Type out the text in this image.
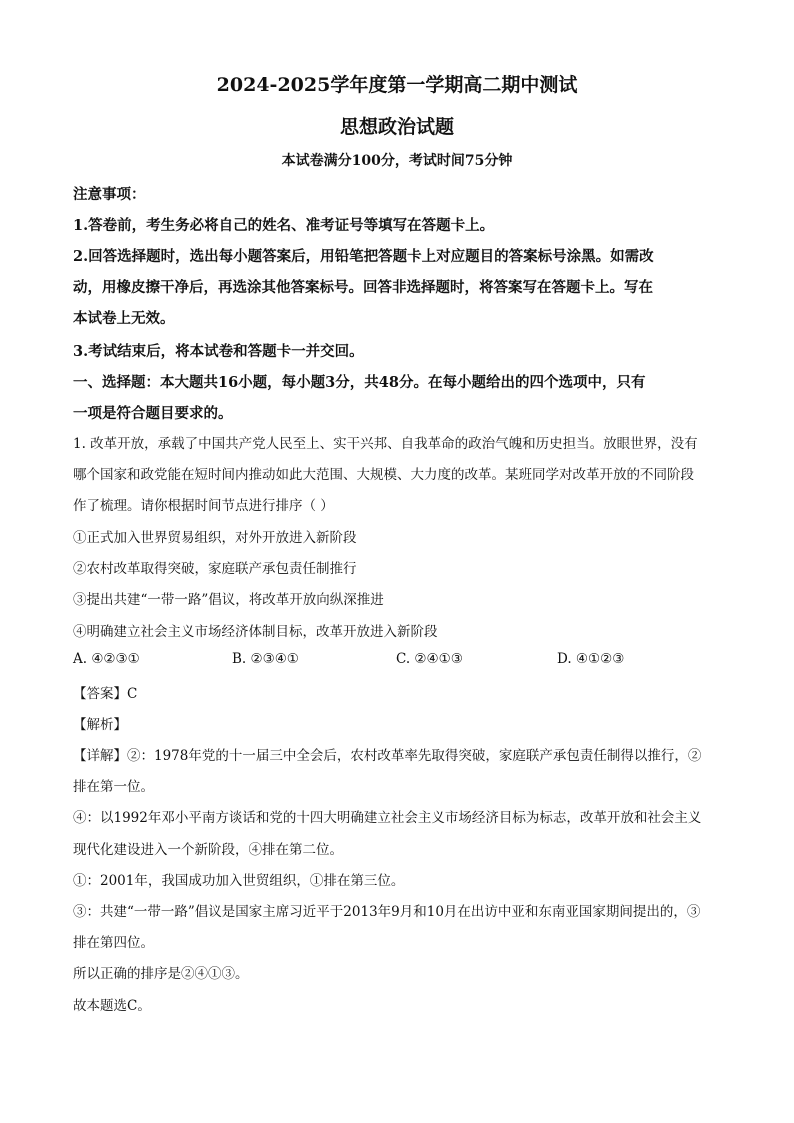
2024-2025学年度第一学期高二期中测试
思想政治试题
本试卷满分100分，考试时间75分钟
注意事项：
1.答卷前，考生务必将自己的姓名、准考证号等填写在答题卡上。
2.回答选择题时，选出每小题答案后，用铅笔把答题卡上对应题目的答案标号涂黑。如需改
动，用橡皮擦干净后，再选涂其他答案标号。回答非选择题时，将答案写在答题卡上。写在
本试卷上无效。
3.考试结束后，将本试卷和答题卡一并交回。
一、选择题：本大题共16小题，每小题3分，共48分。在每小题给出的四个选项中，只有
一项是符合题目要求的。
1. 改革开放，承载了中国共产党人民至上、实干兴邦、自我革命的政治气魄和历史担当。放眼世界，没有
哪个国家和政党能在短时间内推动如此大范围、大规模、大力度的改革。某班同学对改革开放的不同阶段
作了梳理。请你根据时间节点进行排序（ ）
①正式加入世界贸易组织，对外开放进入新阶段
②农村改革取得突破，家庭联产承包责任制推行
③提出共建“一带一路”倡议，将改革开放向纵深推进
④明确建立社会主义市场经济体制目标，改革开放进入新阶段
A. ④②③①	B. ②③④①	C. ②④①③	D. ④①②③
【答案】C
【解析】
【详解】②：1978年党的十一届三中全会后，农村改革率先取得突破，家庭联产承包责任制得以推行，②
排在第一位。
④：以1992年邓小平南方谈话和党的十四大明确建立社会主义市场经济目标为标志，改革开放和社会主义
现代化建设进入一个新阶段，④排在第二位。
①：2001年，我国成功加入世贸组织，①排在第三位。
③：共建“一带一路”倡议是国家主席习近平于2013年9月和10月在出访中亚和东南亚国家期间提出的，③
排在第四位。
所以正确的排序是②④①③。
故本题选C。
